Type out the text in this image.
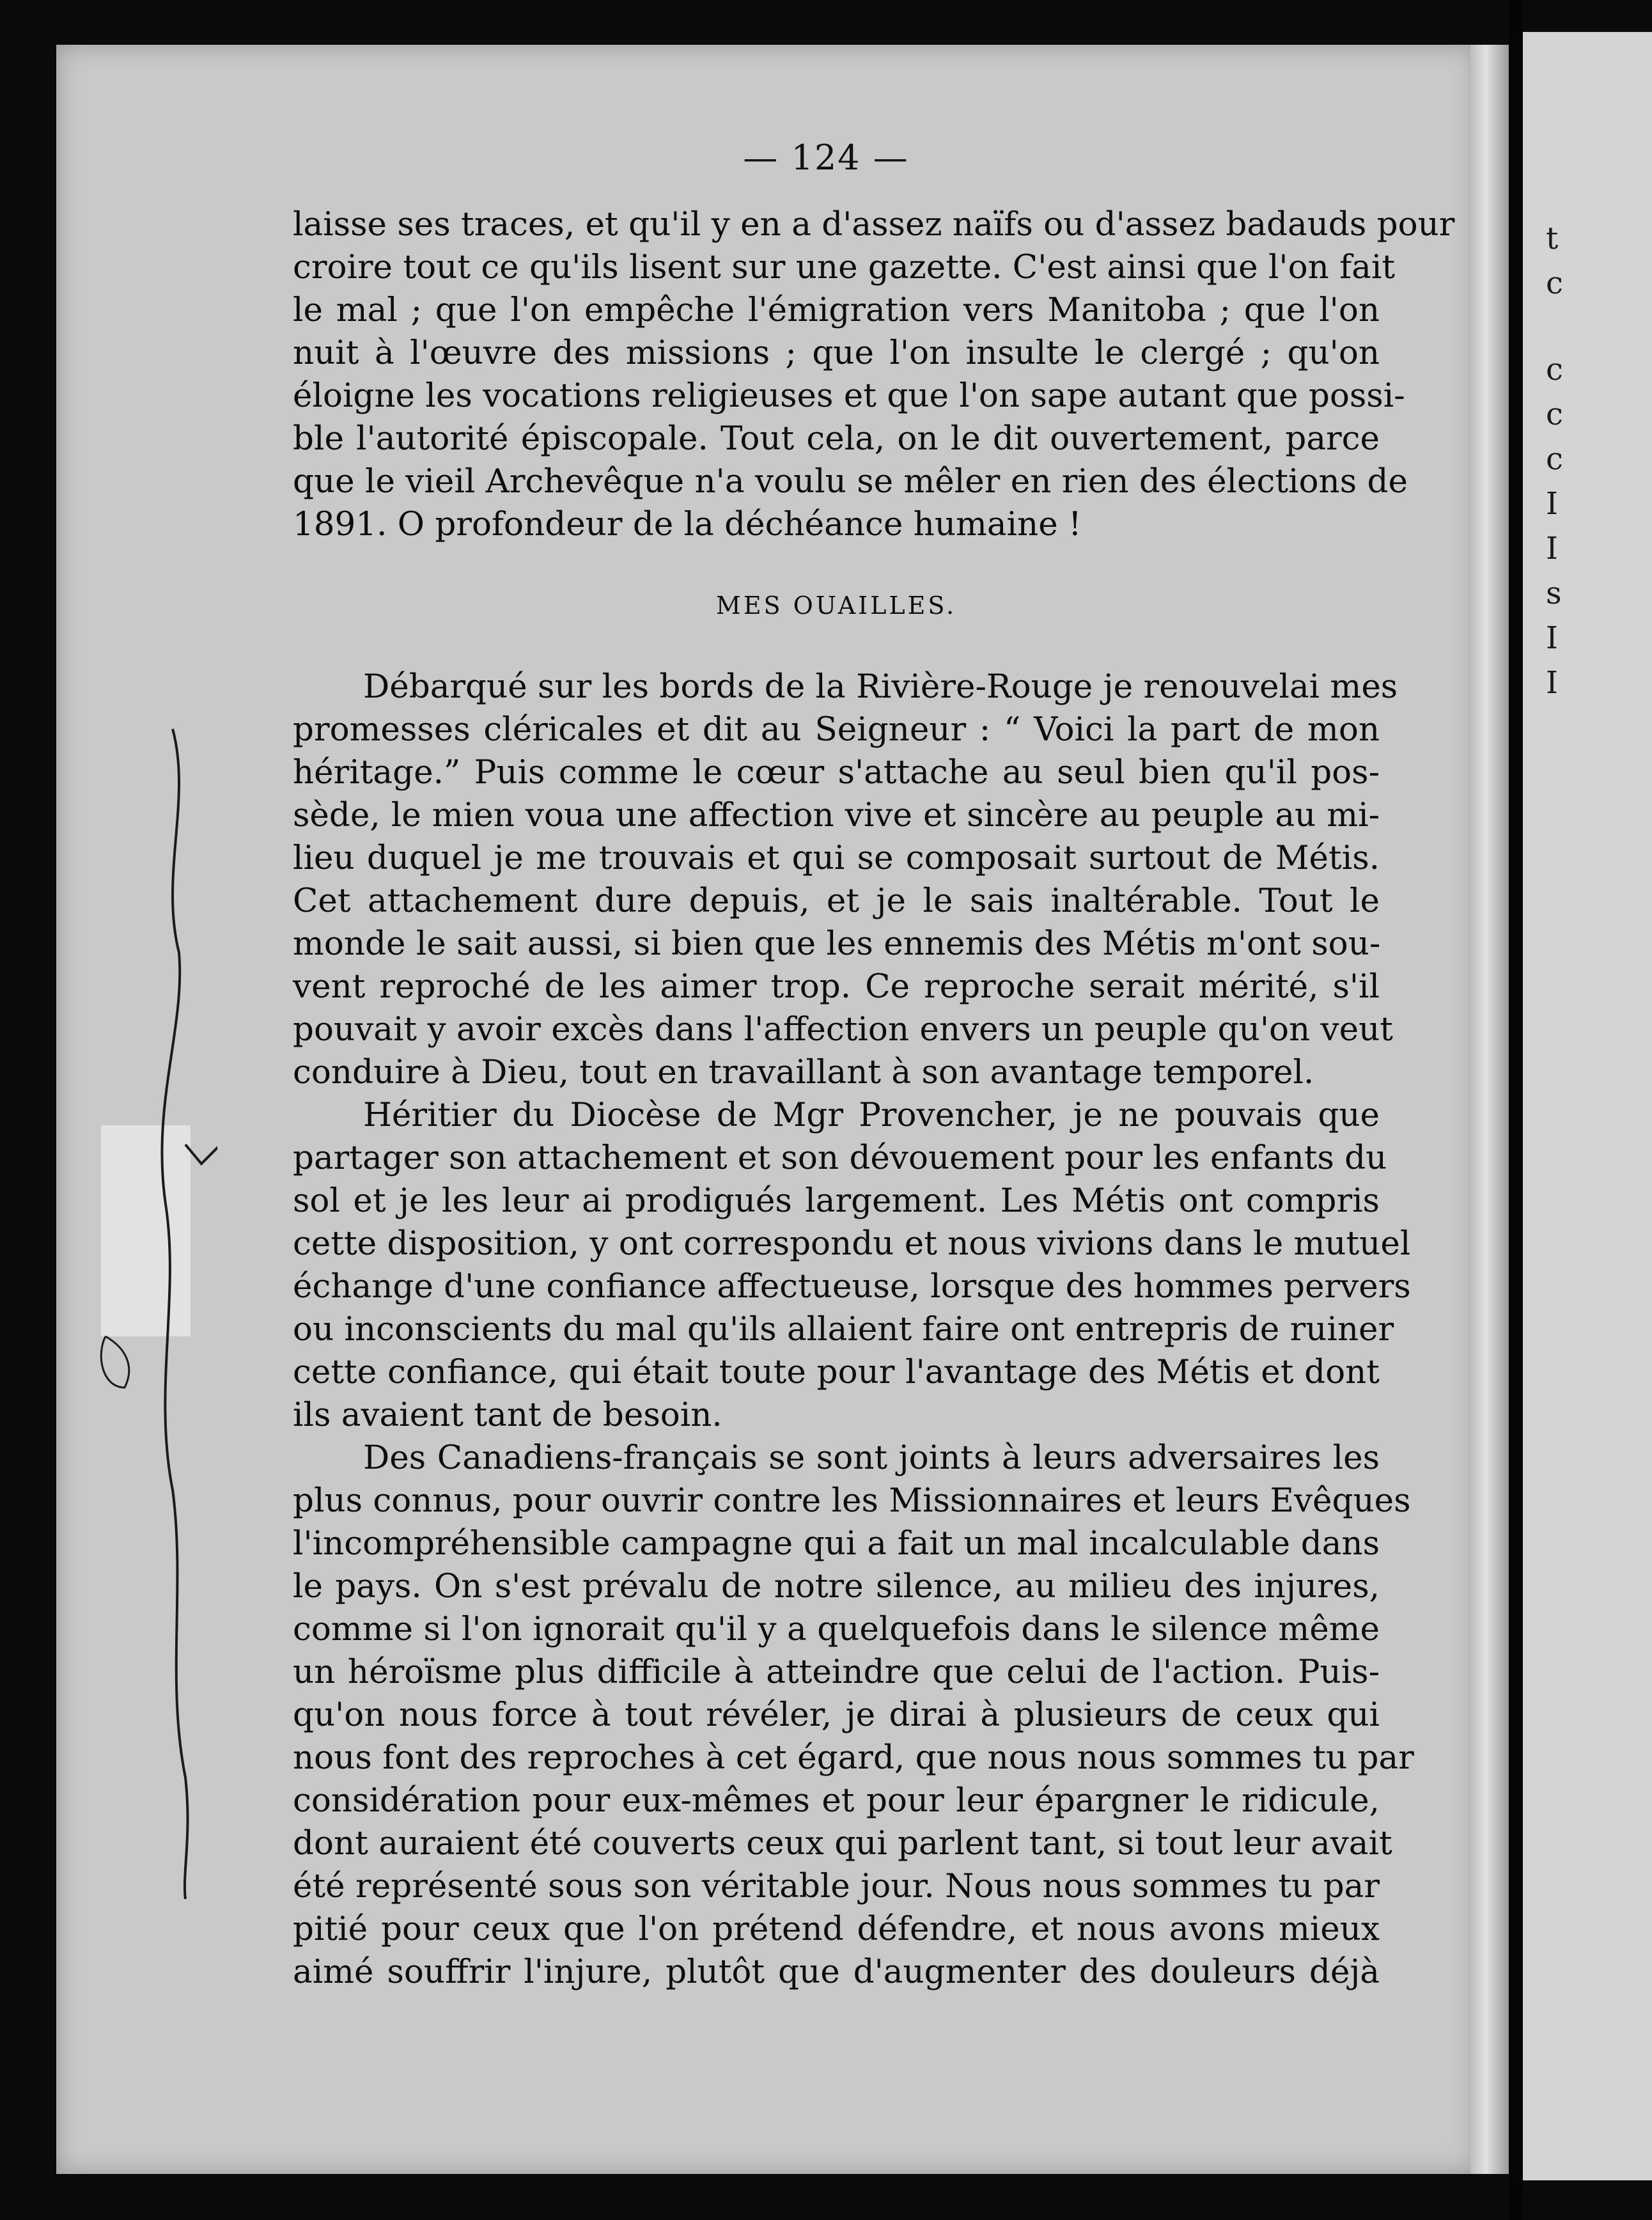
t
c
c
c
c
I
I
s
I
I
— 124 —
laisse ses traces, et qu'il y en a d'assez naïfs ou d'assez badauds pour
croire tout ce qu'ils lisent sur une gazette. C'est ainsi que l'on fait
le mal ; que l'on empêche l'émigration vers Manitoba ; que l'on
nuit à l'œuvre des missions ; que l'on insulte le clergé ; qu'on
éloigne les vocations religieuses et que l'on sape autant que possi-
ble l'autorité épiscopale. Tout cela, on le dit ouvertement, parce
que le vieil Archevêque n'a voulu se mêler en rien des élections de
1891. O profondeur de la déchéance humaine !
MES OUAILLES.
Débarqué sur les bords de la Rivière-Rouge je renouvelai mes
promesses cléricales et dit au Seigneur : “ Voici la part de mon
héritage.” Puis comme le cœur s'attache au seul bien qu'il pos-
sède, le mien voua une affection vive et sincère au peuple au mi-
lieu duquel je me trouvais et qui se composait surtout de Métis.
Cet attachement dure depuis, et je le sais inaltérable. Tout le
monde le sait aussi, si bien que les ennemis des Métis m'ont sou-
vent reproché de les aimer trop. Ce reproche serait mérité, s'il
pouvait y avoir excès dans l'affection envers un peuple qu'on veut
conduire à Dieu, tout en travaillant à son avantage temporel.
Héritier du Diocèse de Mgr Provencher, je ne pouvais que
partager son attachement et son dévouement pour les enfants du
sol et je les leur ai prodigués largement. Les Métis ont compris
cette disposition, y ont correspondu et nous vivions dans le mutuel
échange d'une confiance affectueuse, lorsque des hommes pervers
ou inconscients du mal qu'ils allaient faire ont entrepris de ruiner
cette confiance, qui était toute pour l'avantage des Métis et dont
ils avaient tant de besoin.
Des Canadiens-français se sont joints à leurs adversaires les
plus connus, pour ouvrir contre les Missionnaires et leurs Evêques
l'incompréhensible campagne qui a fait un mal incalculable dans
le pays. On s'est prévalu de notre silence, au milieu des injures,
comme si l'on ignorait qu'il y a quelquefois dans le silence même
un héroïsme plus difficile à atteindre que celui de l'action. Puis-
qu'on nous force à tout révéler, je dirai à plusieurs de ceux qui
nous font des reproches à cet égard, que nous nous sommes tu par
considération pour eux-mêmes et pour leur épargner le ridicule,
dont auraient été couverts ceux qui parlent tant, si tout leur avait
été représenté sous son véritable jour. Nous nous sommes tu par
pitié pour ceux que l'on prétend défendre, et nous avons mieux
aimé souffrir l'injure, plutôt que d'augmenter des douleurs déjà
